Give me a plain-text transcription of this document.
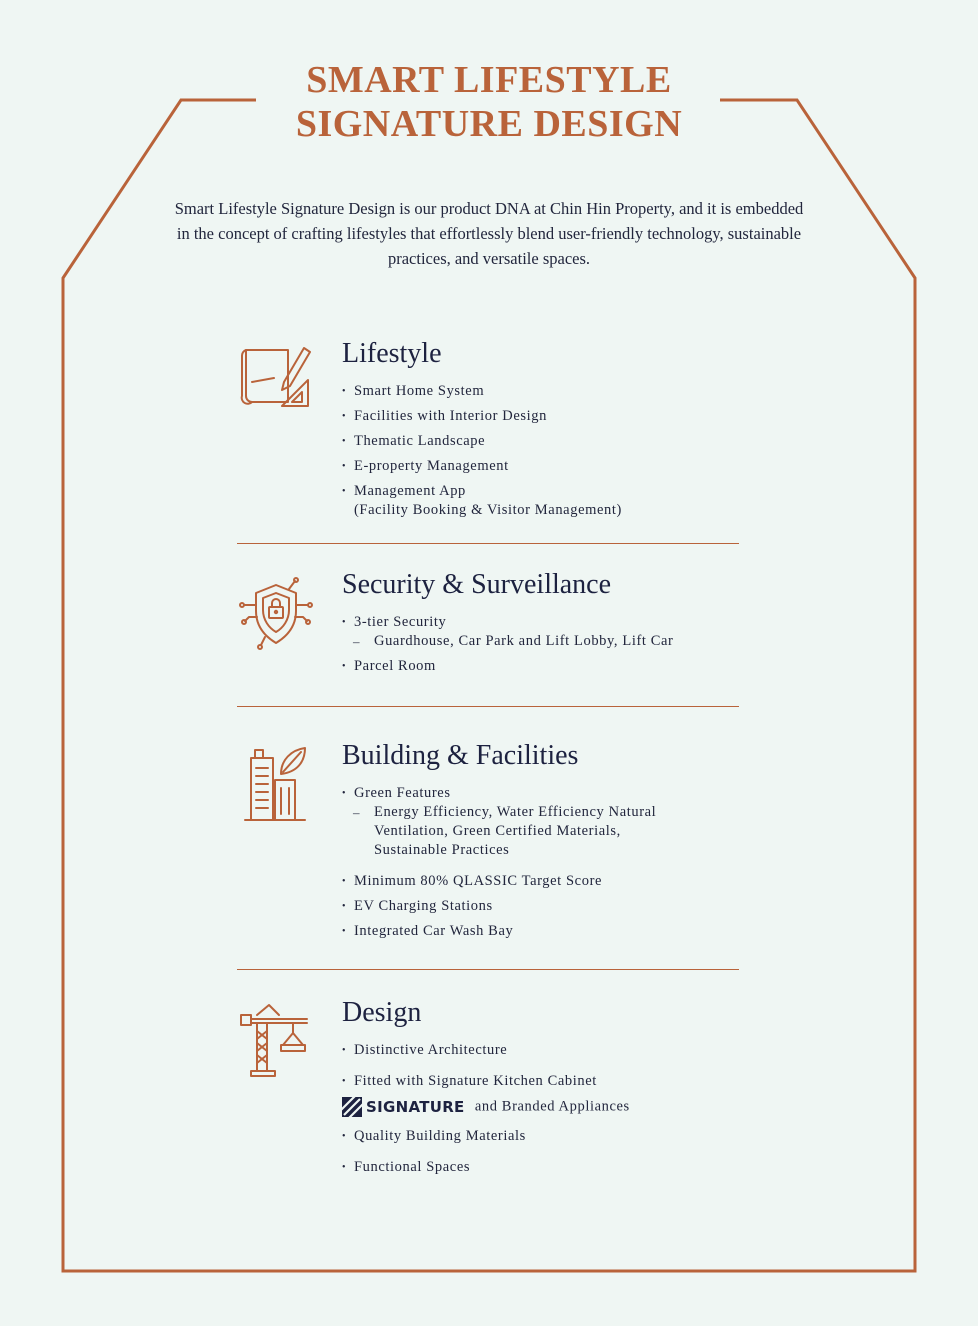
SMART LIFESTYLE
SIGNATURE DESIGN
Smart Lifestyle Signature Design is our product DNA at Chin Hin Property, and it is embedded in the concept of crafting lifestyles that effortlessly blend user-friendly technology, sustainable practices, and versatile spaces.
Lifestyle
• Smart Home System
• Facilities with Interior Design
• Thematic Landscape
• E-property Management
• Management App
(Facility Booking & Visitor Management)
Security & Surveillance
• 3-tier Security
– Guardhouse, Car Park and Lift Lobby, Lift Car
• Parcel Room
Building & Facilities
• Green Features
– Energy Efficiency, Water Efficiency Natural
Ventilation, Green Certified Materials,
Sustainable Practices
• Minimum 80% QLASSIC Target Score
• EV Charging Stations
• Integrated Car Wash Bay
Design
• Distinctive Architecture
• Fitted with Signature Kitchen Cabinet
SIGNATURE and Branded Appliances
• Quality Building Materials
• Functional Spaces
